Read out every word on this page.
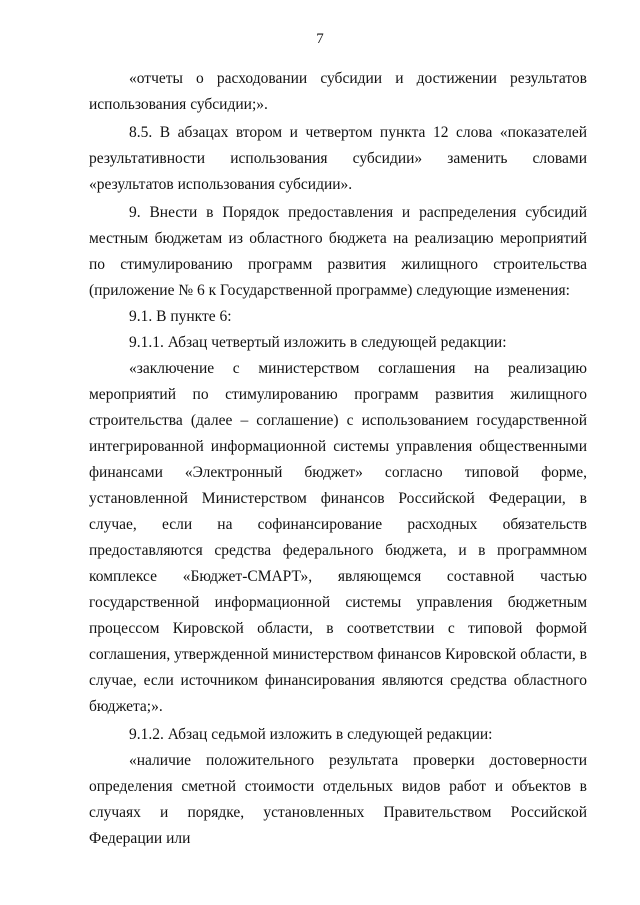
7

«отчеты о расходовании субсидии и достижении результатов использования субсидии;».

8.5. В абзацах втором и четвертом пункта 12 слова «показателей результативности использования субсидии» заменить словами «результатов использования субсидии».

9. Внести в Порядок предоставления и распределения субсидий местным бюджетам из областного бюджета на реализацию мероприятий по стимулированию программ развития жилищного строительства (приложение № 6 к Государственной программе) следующие изменения:

9.1. В пункте 6:

9.1.1. Абзац четвертый изложить в следующей редакции:

«заключение с министерством соглашения на реализацию мероприятий по стимулированию программ развития жилищного строительства (далее – соглашение) с использованием государственной интегрированной информационной системы управления общественными финансами «Электронный бюджет» согласно типовой форме, установленной Министерством финансов Российской Федерации, в случае, если на софинансирование расходных обязательств предоставляются средства федерального бюджета, и в программном комплексе «Бюджет-СМАРТ», являющемся составной частью государственной информационной системы управления бюджетным процессом Кировской области, в соответствии с типовой формой соглашения, утвержденной министерством финансов Кировской области, в случае, если источником финансирования являются средства областного бюджета;».

9.1.2. Абзац седьмой изложить в следующей редакции:

«наличие положительного результата проверки достоверности определения сметной стоимости отдельных видов работ и объектов в случаях и порядке, установленных Правительством Российской Федерации или
